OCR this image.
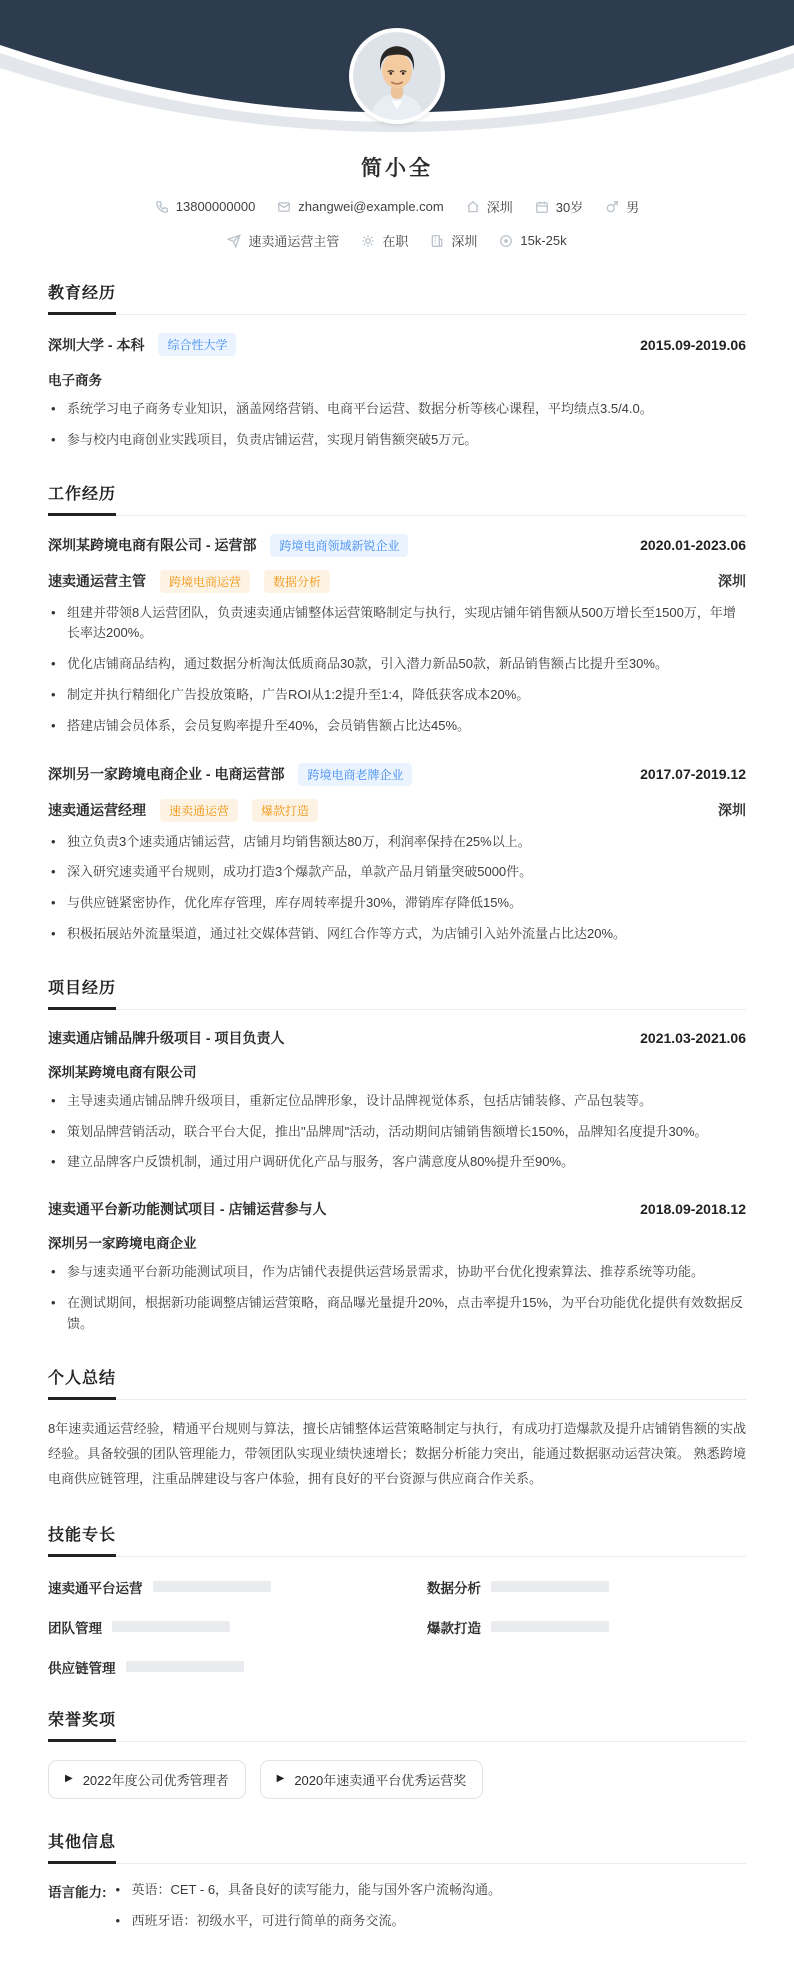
简小全
13800000000	zhangwei@example.com	深圳	30岁	男
速卖通运营主管	在职	深圳	15k-25k
教育经历
深圳大学 - 本科	综合性大学	2015.09-2019.06
电子商务
• 系统学习电子商务专业知识，涵盖网络营销、电商平台运营、数据分析等核心课程，平均绩点3.5/4.0。
• 参与校内电商创业实践项目，负责店铺运营，实现月销售额突破5万元。
工作经历
深圳某跨境电商有限公司 - 运营部	跨境电商领域新锐企业	2020.01-2023.06
速卖通运营主管	跨境电商运营	数据分析	深圳
• 组建并带领8人运营团队，负责速卖通店铺整体运营策略制定与执行，实现店铺年销售额从500万增长至1500万，年增长率达200%。
• 优化店铺商品结构，通过数据分析淘汰低质商品30款，引入潜力新品50款，新品销售额占比提升至30%。
• 制定并执行精细化广告投放策略，广告ROI从1:2提升至1:4，降低获客成本20%。
• 搭建店铺会员体系，会员复购率提升至40%，会员销售额占比达45%。
深圳另一家跨境电商企业 - 电商运营部	跨境电商老牌企业	2017.07-2019.12
速卖通运营经理	速卖通运营	爆款打造	深圳
• 独立负责3个速卖通店铺运营，店铺月均销售额达80万，利润率保持在25%以上。
• 深入研究速卖通平台规则，成功打造3个爆款产品，单款产品月销量突破5000件。
• 与供应链紧密协作，优化库存管理，库存周转率提升30%，滞销库存降低15%。
• 积极拓展站外流量渠道，通过社交媒体营销、网红合作等方式，为店铺引入站外流量占比达20%。
项目经历
速卖通店铺品牌升级项目 - 项目负责人	2021.03-2021.06
深圳某跨境电商有限公司
• 主导速卖通店铺品牌升级项目，重新定位品牌形象，设计品牌视觉体系，包括店铺装修、产品包装等。
• 策划品牌营销活动，联合平台大促，推出"品牌周"活动，活动期间店铺销售额增长150%，品牌知名度提升30%。
• 建立品牌客户反馈机制，通过用户调研优化产品与服务，客户满意度从80%提升至90%。
速卖通平台新功能测试项目 - 店铺运营参与人	2018.09-2018.12
深圳另一家跨境电商企业
• 参与速卖通平台新功能测试项目，作为店铺代表提供运营场景需求，协助平台优化搜索算法、推荐系统等功能。
• 在测试期间，根据新功能调整店铺运营策略，商品曝光量提升20%，点击率提升15%，为平台功能优化提供有效数据反馈。
个人总结

8年速卖通运营经验，精通平台规则与算法，擅长店铺整体运营策略制定与执行，有成功打造爆款及提升店铺销售额的实战经验。具备较强的团队管理能力，带领团队实现业绩快速增长；数据分析能力突出，能通过数据驱动运营决策。 熟悉跨境电商供应链管理，注重品牌建设与客户体验，拥有良好的平台资源与供应商合作关系。

技能专长
速卖通平台运营	数据分析
团队管理	爆款打造
供应链管理
荣誉奖项
▶
2022年度公司优秀管理者 ▶	2020年速卖通平台优秀运营奖
其他信息
语言能力:	• 英语：CET - 6，具备良好的读写能力，能与国外客户流畅沟通。
• 西班牙语：初级水平，可进行简单的商务交流。
